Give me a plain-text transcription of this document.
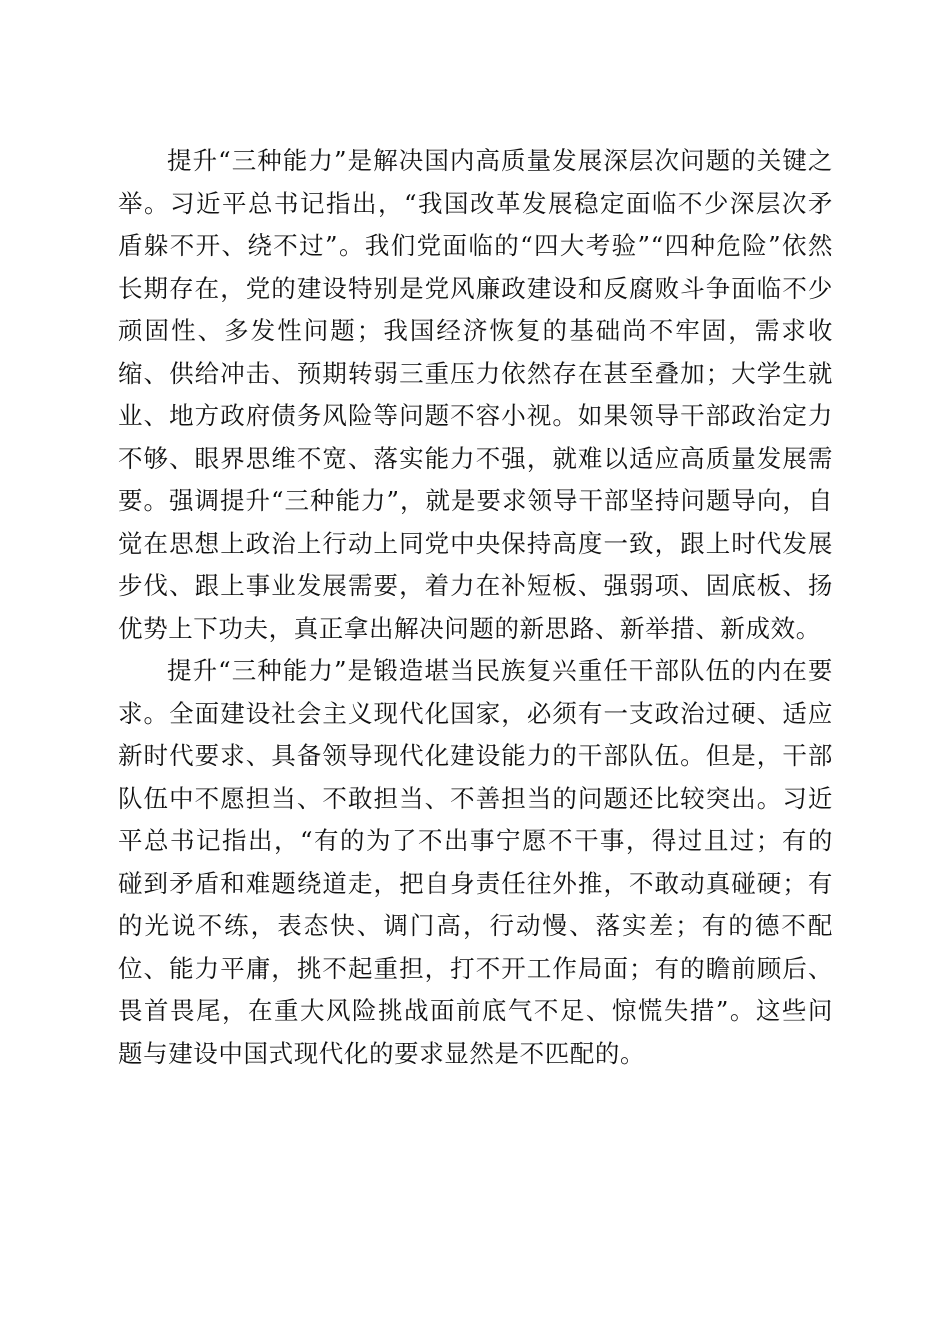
提升“三种能力”是解决国内高质量发展深层次问题的关键之举。习近平总书记指出，“我国改革发展稳定面临不少深层次矛盾躲不开、绕不过”。我们党面临的“四大考验”“四种危险”依然长期存在，党的建设特别是党风廉政建设和反腐败斗争面临不少顽固性、多发性问题；我国经济恢复的基础尚不牢固，需求收缩、供给冲击、预期转弱三重压力依然存在甚至叠加；大学生就业、地方政府债务风险等问题不容小视。如果领导干部政治定力不够、眼界思维不宽、落实能力不强，就难以适应高质量发展需要。强调提升“三种能力”，就是要求领导干部坚持问题导向，自觉在思想上政治上行动上同党中央保持高度一致，跟上时代发展步伐、跟上事业发展需要，着力在补短板、强弱项、固底板、扬优势上下功夫，真正拿出解决问题的新思路、新举措、新成效。

提升“三种能力”是锻造堪当民族复兴重任干部队伍的内在要求。全面建设社会主义现代化国家，必须有一支政治过硬、适应新时代要求、具备领导现代化建设能力的干部队伍。但是，干部队伍中不愿担当、不敢担当、不善担当的问题还比较突出。习近平总书记指出，“有的为了不出事宁愿不干事，得过且过；有的碰到矛盾和难题绕道走，把自身责任往外推，不敢动真碰硬；有的光说不练，表态快、调门高，行动慢、落实差；有的德不配位、能力平庸，挑不起重担，打不开工作局面；有的瞻前顾后、畏首畏尾，在重大风险挑战面前底气不足、惊慌失措”。这些问题与建设中国式现代化的要求显然是不匹配的。
